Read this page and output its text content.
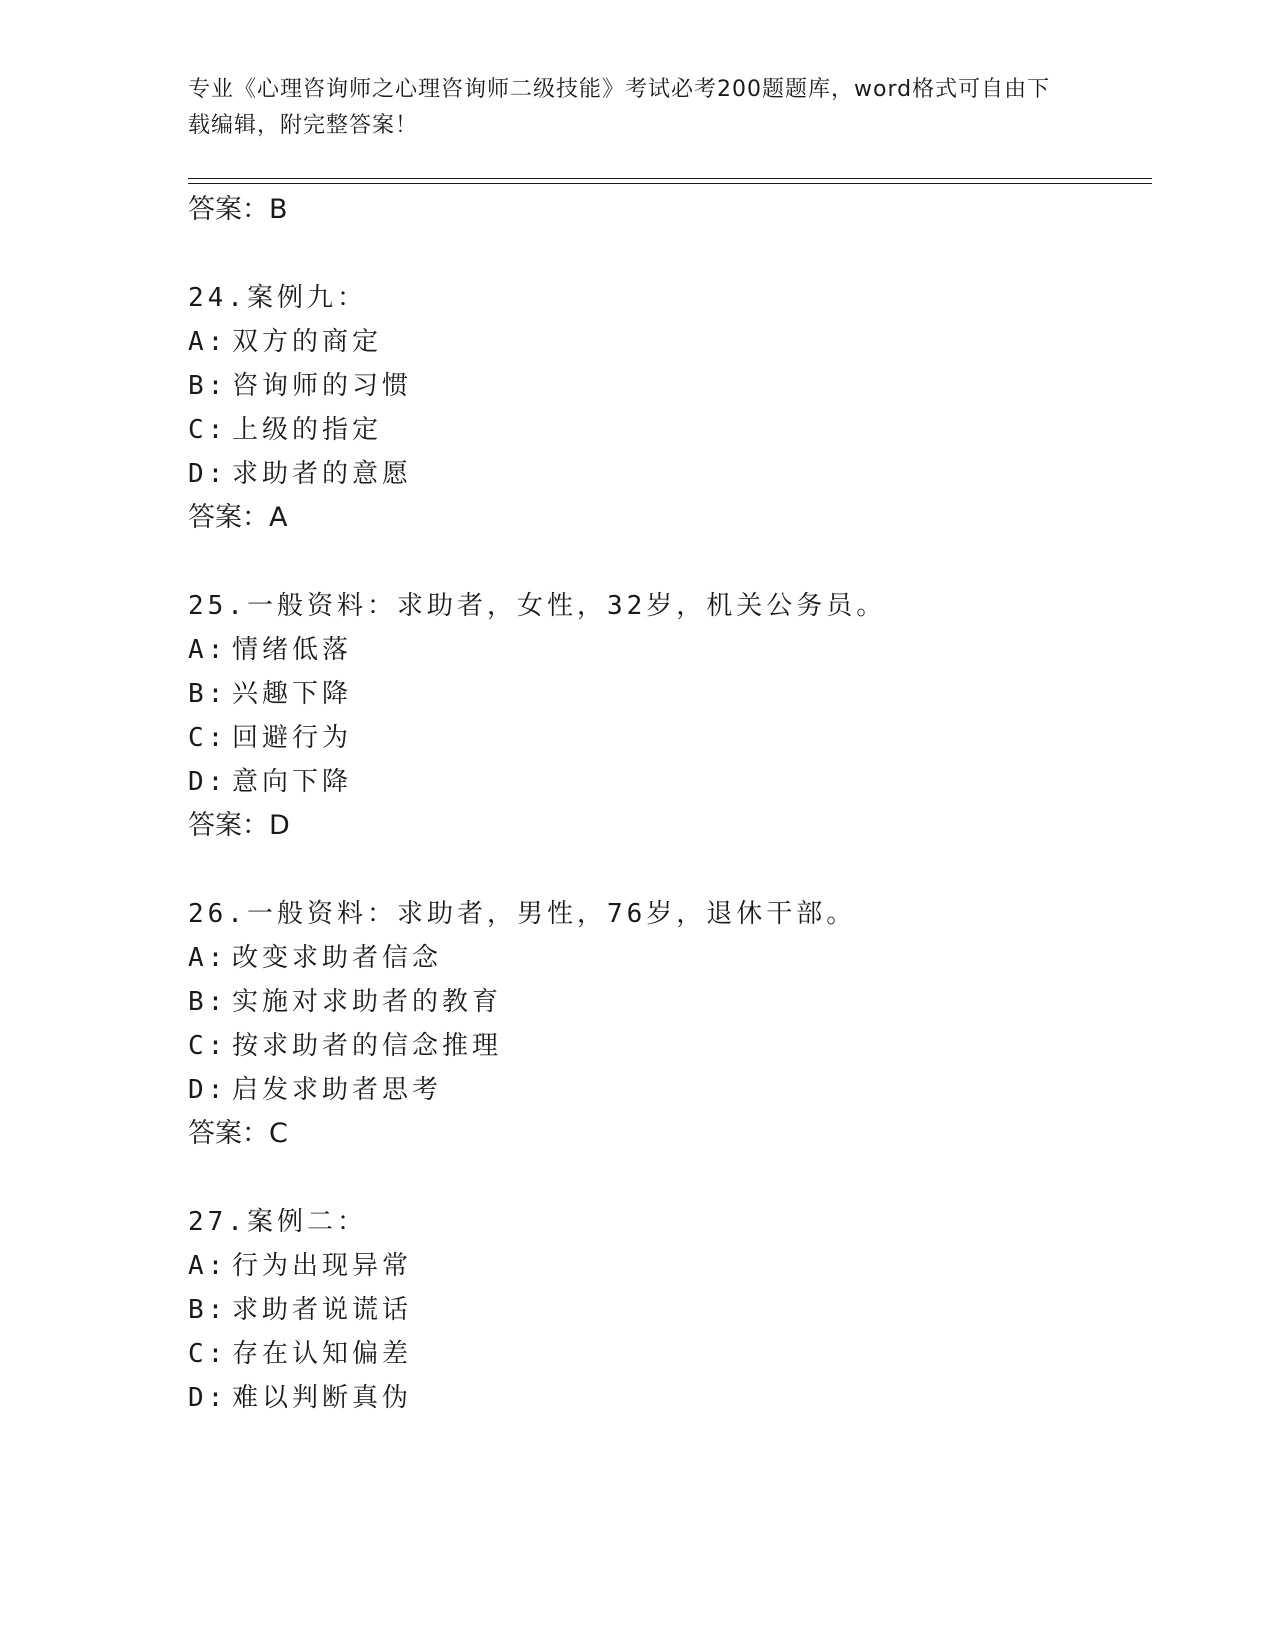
专业《心理咨询师之心理咨询师二级技能》考试必考200题题库，word格式可自由下载编辑，附完整答案！
答案：B
24.案例九：
A: 双方的商定
B: 咨询师的习惯
C: 上级的指定
D: 求助者的意愿
答案：A
25.一般资料：求助者，女性，32岁，机关公务员。
A: 情绪低落
B: 兴趣下降
C: 回避行为
D: 意向下降
答案：D
26.一般资料：求助者，男性，76岁，退休干部。
A: 改变求助者信念
B: 实施对求助者的教育
C: 按求助者的信念推理
D: 启发求助者思考
答案：C
27.案例二：
A: 行为出现异常
B: 求助者说谎话
C: 存在认知偏差
D: 难以判断真伪
